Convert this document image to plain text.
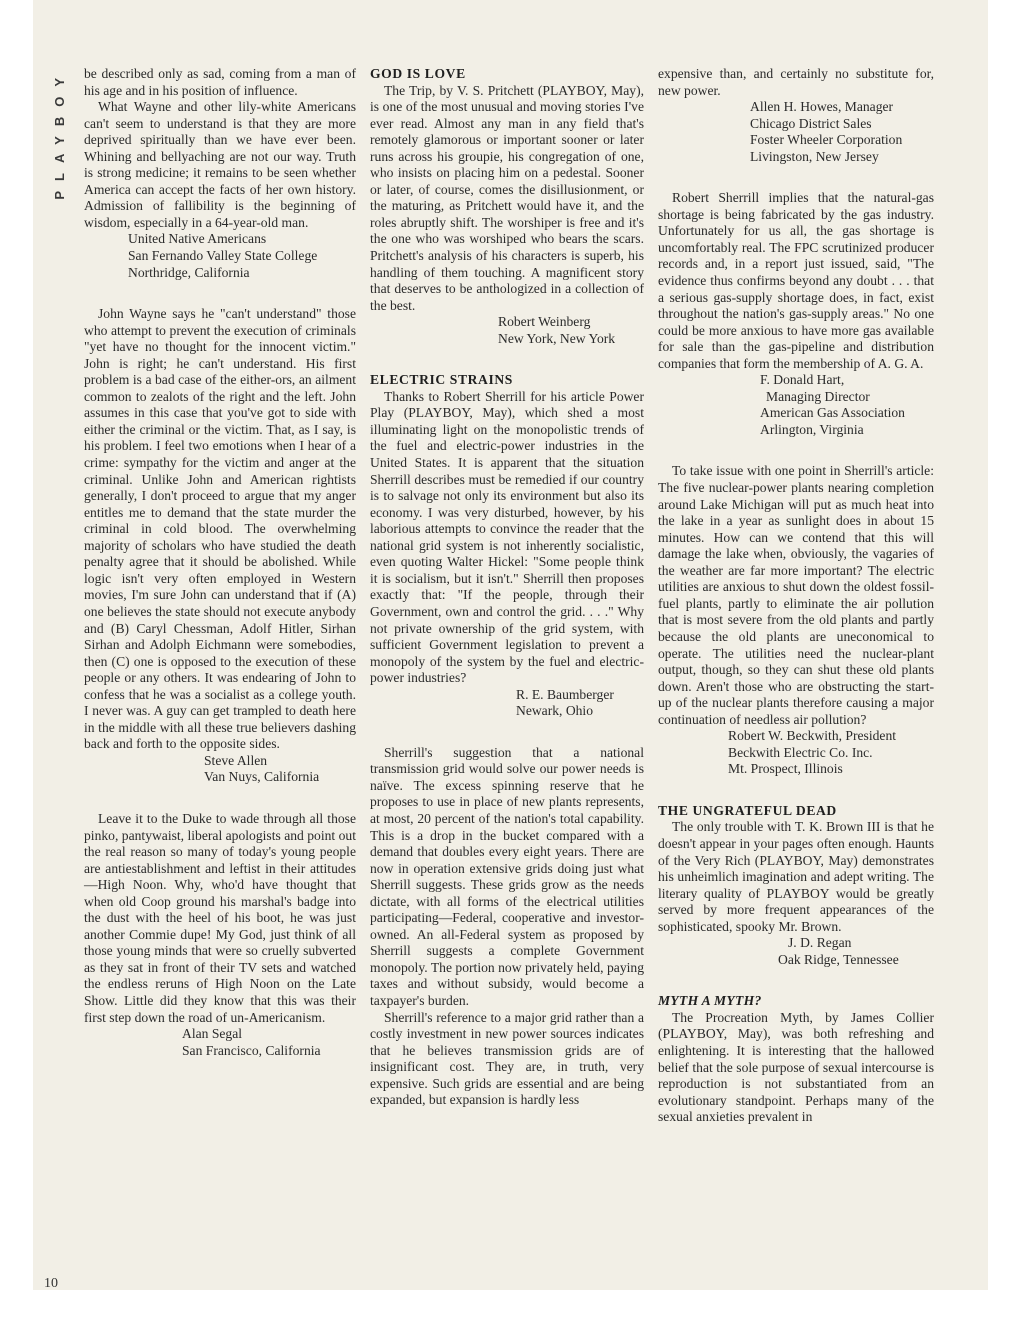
PLAYBOY
10

be described only as sad, coming from a man of his age and in his position of influence.

What Wayne and other lily-white Americans can't seem to understand is that they are more deprived spiritually than we have ever been. Whining and bellyaching are not our way. Truth is strong medicine; it remains to be seen whether America can accept the facts of her own history. Admission of fallibility is the beginning of wisdom, especially in a 64-year-old man.

United Native Americans
San Fernando Valley State College
Northridge, California

John Wayne says he "can't understand" those who attempt to prevent the execution of criminals "yet have no thought for the innocent victim." John is right; he can't understand. His first problem is a bad case of the either-ors, an ailment common to zealots of the right and the left. John assumes in this case that you've got to side with either the criminal or the victim. That, as I say, is his problem. I feel two emotions when I hear of a crime: sympathy for the victim and anger at the criminal. Unlike John and American rightists generally, I don't proceed to argue that my anger entitles me to demand that the state murder the criminal in cold blood. The overwhelming majority of scholars who have studied the death penalty agree that it should be abolished. While logic isn't very often employed in Western movies, I'm sure John can understand that if (A) one believes the state should not execute anybody and (B) Caryl Chessman, Adolf Hitler, Sirhan Sirhan and Adolph Eichmann were somebodies, then (C) one is opposed to the execution of these people or any others. It was endearing of John to confess that he was a socialist as a college youth. I never was. A guy can get trampled to death here in the middle with all these true believers dashing back and forth to the opposite sides.

Steve Allen
Van Nuys, California

Leave it to the Duke to wade through all those pinko, pantywaist, liberal apologists and point out the real reason so many of today's young people are antiestablishment and leftist in their attitudes —High Noon. Why, who'd have thought that when old Coop ground his marshal's badge into the dust with the heel of his boot, he was just another Commie dupe! My God, just think of all those young minds that were so cruelly subverted as they sat in front of their TV sets and watched the endless reruns of High Noon on the Late Show. Little did they know that this was their first step down the road of un-Americanism.

Alan Segal
San Francisco, California
GOD IS LOVE

The Trip, by V. S. Pritchett (PLAYBOY, May), is one of the most unusual and moving stories I've ever read. Almost any man in any field that's remotely glamorous or important sooner or later runs across his groupie, his congregation of one, who insists on placing him on a pedestal. Sooner or later, of course, comes the disillusionment, or the maturing, as Pritchett would have it, and the roles abruptly shift. The worshiper is free and it's the one who was worshiped who bears the scars. Pritchett's analysis of his characters is superb, his handling of them touching. A magnificent story that deserves to be anthologized in a collection of the best.

Robert Weinberg
New York, New York
ELECTRIC STRAINS

Thanks to Robert Sherrill for his article Power Play (PLAYBOY, May), which shed a most illuminating light on the monopolistic trends of the fuel and electric-power industries in the United States. It is apparent that the situation Sherrill describes must be remedied if our country is to salvage not only its environment but also its economy. I was very disturbed, however, by his laborious attempts to convince the reader that the national grid system is not inherently socialistic, even quoting Walter Hickel: "Some people think it is socialism, but it isn't." Sherrill then proposes exactly that: "If the people, through their Government, own and control the grid. . . ." Why not private ownership of the grid system, with sufficient Government legislation to prevent a monopoly of the system by the fuel and electric-power industries?

R. E. Baumberger
Newark, Ohio

Sherrill's suggestion that a national transmission grid would solve our power needs is naïve. The excess spinning reserve that he proposes to use in place of new plants represents, at most, 20 percent of the nation's total capability. This is a drop in the bucket compared with a demand that doubles every eight years. There are now in operation extensive grids doing just what Sherrill suggests. These grids grow as the needs dictate, with all forms of the electrical utilities participating—Federal, cooperative and investor-owned. An all-Federal system as proposed by Sherrill suggests a complete Government monopoly. The portion now privately held, paying taxes and without subsidy, would become a taxpayer's burden.

Sherrill's reference to a major grid rather than a costly investment in new power sources indicates that he believes transmission grids are of insignificant cost. They are, in truth, very expensive. Such grids are essential and are being expanded, but expansion is hardly less

expensive than, and certainly no substitute for, new power.

Allen H. Howes, Manager
Chicago District Sales
Foster Wheeler Corporation
Livingston, New Jersey

Robert Sherrill implies that the natural-gas shortage is being fabricated by the gas industry. Unfortunately for us all, the gas shortage is uncomfortably real. The FPC scrutinized producer records and, in a report just issued, said, "The evidence thus confirms beyond any doubt . . . that a serious gas-supply shortage does, in fact, exist throughout the nation's gas-supply areas." No one could be more anxious to have more gas available for sale than the gas-pipeline and distribution companies that form the membership of A. G. A.

F. Donald Hart,
Managing Director
American Gas Association
Arlington, Virginia

To take issue with one point in Sherrill's article: The five nuclear-power plants nearing completion around Lake Michigan will put as much heat into the lake in a year as sunlight does in about 15 minutes. How can we contend that this will damage the lake when, obviously, the vagaries of the weather are far more important? The electric utilities are anxious to shut down the oldest fossil-fuel plants, partly to eliminate the air pollution that is most severe from the old plants and partly because the old plants are uneconomical to operate. The utilities need the nuclear-plant output, though, so they can shut these old plants down. Aren't those who are obstructing the start-up of the nuclear plants therefore causing a major continuation of needless air pollution?

Robert W. Beckwith, President
Beckwith Electric Co. Inc.
Mt. Prospect, Illinois
THE UNGRATEFUL DEAD

The only trouble with T. K. Brown III is that he doesn't appear in your pages often enough. Haunts of the Very Rich (PLAYBOY, May) demonstrates his unheimlich imagination and adept writing. The literary quality of PLAYBOY would be greatly served by more frequent appearances of the sophisticated, spooky Mr. Brown.

J. D. Regan
Oak Ridge, Tennessee
MYTH A MYTH?

The Procreation Myth, by James Collier (PLAYBOY, May), was both refreshing and enlightening. It is interesting that the hallowed belief that the sole purpose of sexual intercourse is reproduction is not substantiated from an evolutionary standpoint. Perhaps many of the sexual anxieties prevalent in
